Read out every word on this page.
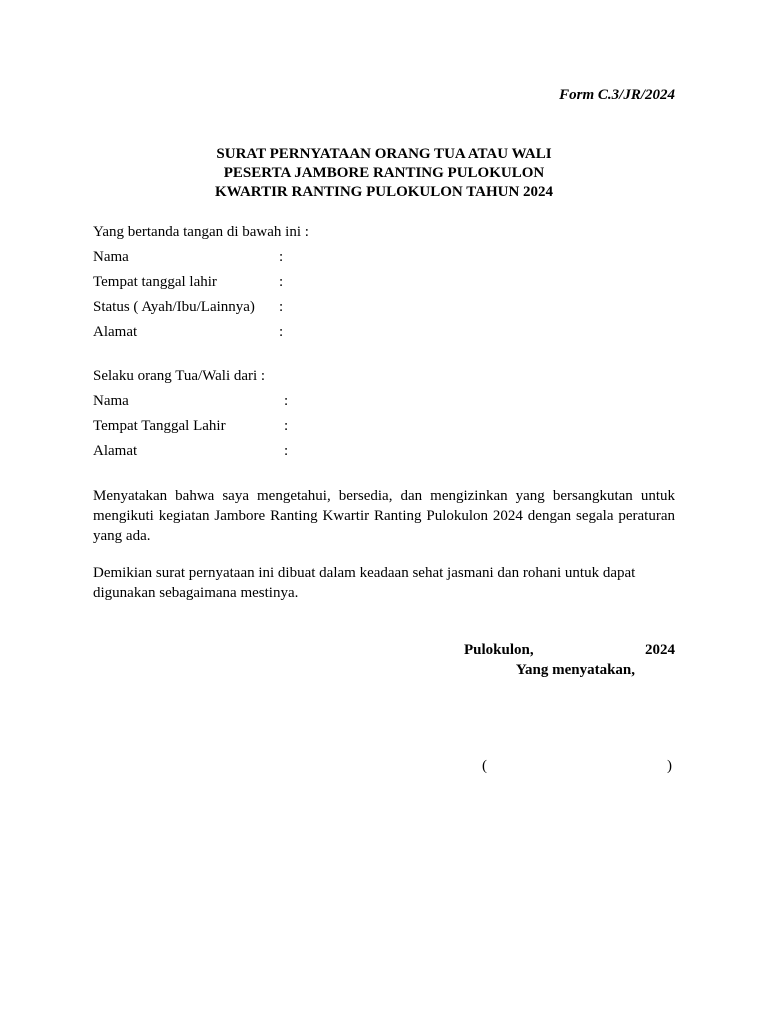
Form C.3/JR/2024
SURAT PERNYATAAN ORANG TUA ATAU WALI
PESERTA JAMBORE RANTING PULOKULON
KWARTIR RANTING PULOKULON TAHUN 2024
Yang bertanda tangan di bawah ini :
Nama	:
Tempat tanggal lahir	:
Status ( Ayah/Ibu/Lainnya)	:
Alamat	:
Selaku orang Tua/Wali dari :
Nama	:
Tempat Tanggal Lahir	:
Alamat	:
Menyatakan bahwa saya mengetahui, bersedia, dan mengizinkan yang bersangkutan untuk mengikuti kegiatan Jambore Ranting Kwartir Ranting Pulokulon 2024 dengan segala peraturan yang ada.
Demikian surat pernyataan ini dibuat dalam keadaan sehat jasmani dan rohani untuk dapat digunakan sebagaimana mestinya.
Pulokulon,	2024
Yang menyatakan,
(	)
